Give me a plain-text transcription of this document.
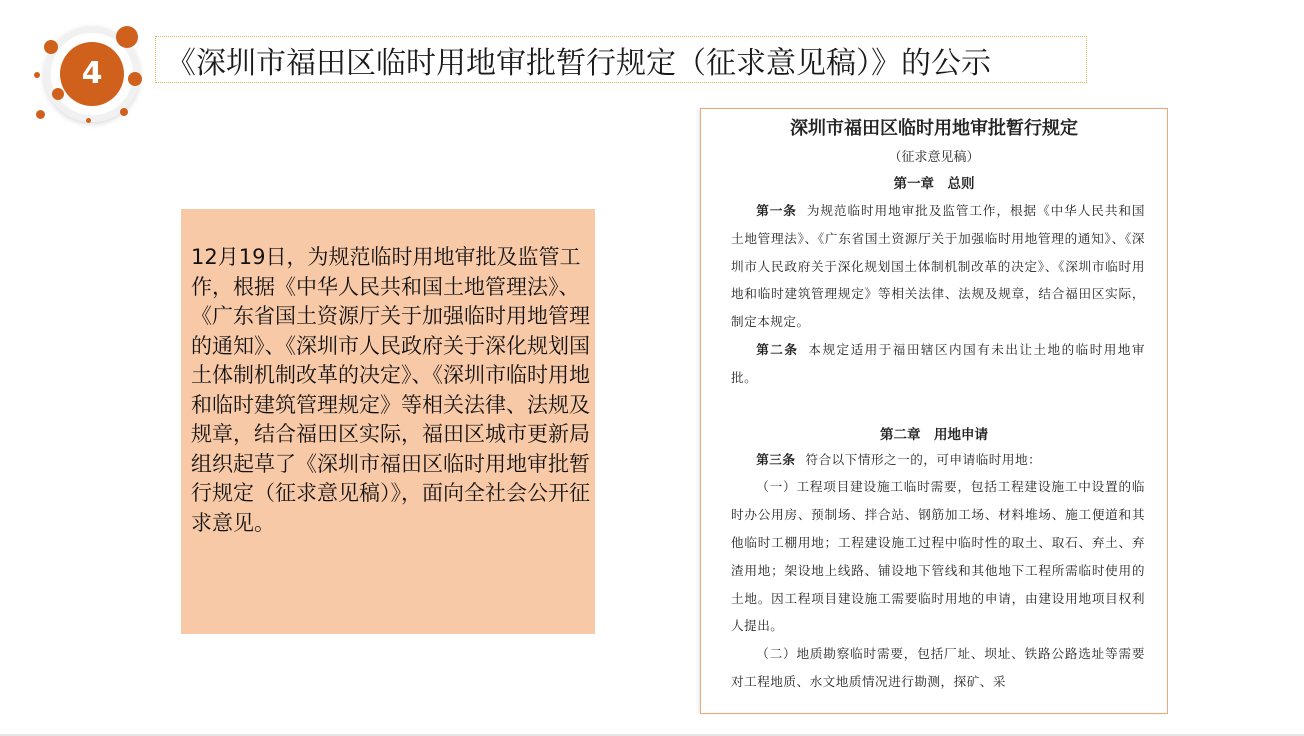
4	《深圳市福田区临时用地审批暂行规定（征求意见稿）》的公示
12月19日，为规范临时用地审批及监管工作，根据《中华人民共和国土地管理法》、《广东省国土资源厅关于加强临时用地管理的通知》、《深圳市人民政府关于深化规划国土体制机制改革的决定》、《深圳市临时用地和临时建筑管理规定》等相关法律、法规及规章，结合福田区实际，福田区城市更新局组织起草了《深圳市福田区临时用地审批暂行规定（征求意见稿）》，面向全社会公开征求意见。
深圳市福田区临时用地审批暂行规定
（征求意见稿）
第一章　总则
第一条 为规范临时用地审批及监管工作，根据《中华人民共和国土地管理法》、《广东省国土资源厅关于加强临时用地管理的通知》、《深圳市人民政府关于深化规划国土体制机制改革的决定》、《深圳市临时用地和临时建筑管理规定》等相关法律、法规及规章，结合福田区实际，制定本规定。
第二条 本规定适用于福田辖区内国有未出让土地的临时用地审批。
第二章　用地申请
第三条 符合以下情形之一的，可申请临时用地：
（一）工程项目建设施工临时需要，包括工程建设施工中设置的临时办公用房、预制场、拌合站、钢筋加工场、材料堆场、施工便道和其他临时工棚用地；工程建设施工过程中临时性的取土、取石、弃土、弃渣用地；架设地上线路、铺设地下管线和其他地下工程所需临时使用的土地。因工程项目建设施工需要临时用地的申请，由建设用地项目权利人提出。
（二）地质勘察临时需要，包括厂址、坝址、铁路公路选址等需要对工程地质、水文地质情况进行勘测，探矿、采
